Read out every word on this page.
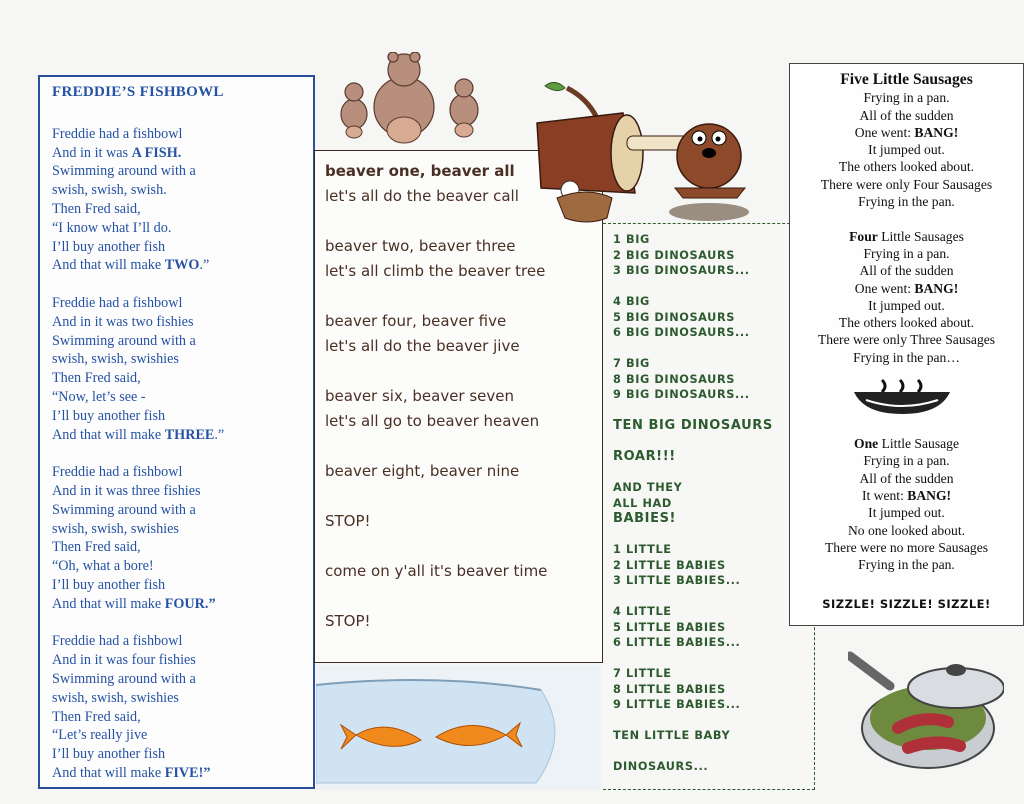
FREDDIE’S FISHBOWL
Freddie had a fishbowl
And in it was A FISH.
Swimming around with a
swish, swish, swish.
Then Fred said,
“I know what I’ll do.
I’ll buy another fish
And that will make TWO.”
Freddie had a fishbowl
And in it was two fishies
Swimming around with a
swish, swish, swishies
Then Fred said,
“Now, let’s see -
I’ll buy another fish
And that will make THREE.”
Freddie had a fishbowl
And in it was three fishies
Swimming around with a
swish, swish, swishies
Then Fred said,
“Oh, what a bore!
I’ll buy another fish
And that will make FOUR.”
Freddie had a fishbowl
And in it was four fishies
Swimming around with a
swish, swish, swishies
Then Fred said,
“Let’s really jive
I’ll buy another fish
And that will make FIVE!”
beaver one, beaver all
let's all do the beaver call
beaver two, beaver three
let's all climb the beaver tree
beaver four, beaver five
let's all do the beaver jive
beaver six, beaver seven
let's all go to beaver heaven
beaver eight, beaver nine
STOP!
come on y'all it's beaver time
STOP!
1 BIG
2 BIG DINOSAURS
3 BIG DINOSAURS...
4 BIG
5 BIG DINOSAURS
6 BIG DINOSAURS...
7 BIG
8 BIG DINOSAURS
9 BIG DINOSAURS...
TEN BIG DINOSAURS
ROAR!!!
AND THEY
ALL HAD
BABIES!
1 LITTLE
2 LITTLE BABIES
3 LITTLE BABIES...
4 LITTLE
5 LITTLE BABIES
6 LITTLE BABIES...
7 LITTLE
8 LITTLE BABIES
9 LITTLE BABIES...
TEN LITTLE BABY
DINOSAURS...
Five Little Sausages
Frying in a pan.
All of the sudden
One went: BANG!
It jumped out.
The others looked about.
There were only Four Sausages
Frying in the pan.
Four Little Sausages
Frying in a pan.
All of the sudden
One went: BANG!
It jumped out.
The others looked about.
There were only Three Sausages
Frying in the pan…
One Little Sausage
Frying in a pan.
All of the sudden
It went: BANG!
It jumped out.
No one looked about.
There were no more Sausages
Frying in the pan.
SIZZLE! SIZZLE! SIZZLE!
